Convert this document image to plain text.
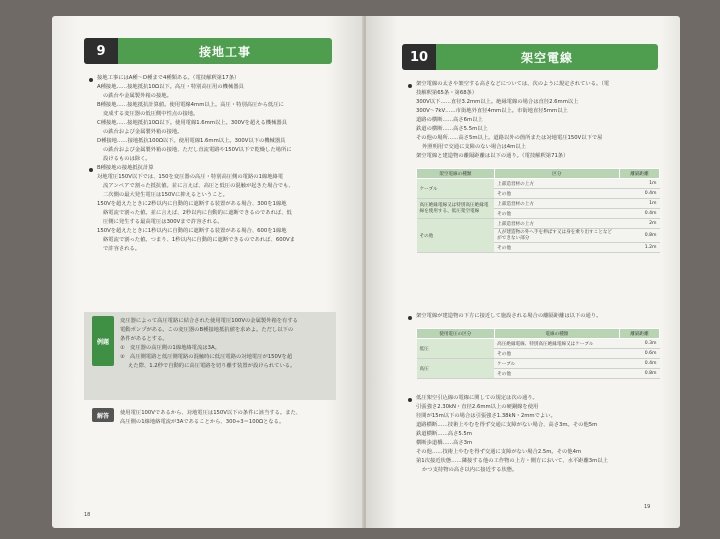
9	接地工事
接地工事にはA種〜D種まで4種類ある。（電技解釈第17条）
A種接地……接地抵抗10Ω以下。高圧・特別高圧用の機械器具
の鉄台や金属製外箱の接地。
B種接地……接地抵抗計算値。使用電線4mm以上。高圧・特別高圧から低圧に
変成する変圧器の低圧側中性点の接地。
C種接地……接地抵抗10Ω以下。使用電線1.6mm以上。300Vを超える機械器具
の鉄台および金属製外箱の接地。
D種接地……接地抵抗100Ω以下。使用電線1.6mm以上。300V以下の機械器具
の鉄台および金属製外箱の接地、ただし直流電路や150V以下で乾燥した場所に
設けるものは除く。
B種接地の接地抵抗計算
対地電圧150V以下では、150を変圧器の高圧・特別高圧側の電路の1線地絡電
流アンペアで割った抵抗値。並に言えば、高圧と低圧の混触が起きた場合でも、
二次側の最大発生電圧は150Vに抑えるということ。
150Vを超えたときに2秒以内に自動的に遮断する装置がある場合、300を1線地
絡電流で割った値。並に言えば、2秒以内に自動的に遮断できるのであれば、低
圧側に発生する最高電圧は300Vまで許容される。
150Vを超えたときに1秒以内に自動的に遮断する装置がある場合、600を1線地
絡電流で割った値。つまり、1秒以内に自動的に遮断できるのであれば、600Vま
で許容される。
例題
変圧器によって高圧電路に結合された使用電圧100Vの金属製外箱を有する
電動ポンプがある。この変圧器のB種接地抵抗値を求めよ。ただし以下の
条件があるとする。
①　変圧器の高圧側の1線地絡電流は3A。
②　高圧側電路と低圧側電路の混触時に低圧電路の対地電圧が150Vを超
えた際、1.2秒で自動的に高圧電路を切り離す装置が設けられている。
解答	使用電圧100Vであるから、対地電圧は150V以下の条件に該当する。また、
高圧側の1線地絡電流が3Aであることから、300÷3＝100Ωとなる。
18
10	架空電線
架空電線の太さや架空する高さなどについては、次のように規定されている。（電
技解釈第65条・第68条）
300V以下……直径3.2mm以上。絶縁電線の場合は直径2.6mm以上
300V〜7kV……市街地外直径4mm以上。市街地直径5mm以上
道路の横断……高さ6m以上
鉄道の横断……高さ5.5m以上
その他の場所……高さ5m以上。道路以外の箇所または対地電圧150V以下で屋
外照明用で交通に支障のない場合は4m以上
架空電線と建造物の離隔距離は以下の通り。（電技解釈第71条）
架空電線の種類	区分	離隔距離
ケーブル	上部造営材の上方	1m
	その他	0.4m
高圧絶縁電線又は特別高圧絶縁電線を使用する、低圧架空電線	上部造営材の上方	1m
	その他	0.4m
その他	上部造営材の上方	2m
	人が建造物の外へ手を伸ばす又は身を乗り出すことなどができない部分	0.8m
	その他	1.2m
架空電線が建造物の下方に接近して施設される場合の離隔距離は以下の通り。
使用電圧の区分	電線の種類	離隔距離
低圧	高圧絶縁電線、特別高圧絶縁電線又はケーブル	0.3m
	その他	0.6m
高圧	ケーブル	0.4m
	その他	0.8m
低圧架空引込線の電線に関しての規定は次の通り。
引張強さ2.30kN・直径2.6mm以上の硬銅線を使用
径間が15m以下の場合は引張強さ1.38kN・2mmでよい。
道路横断……技術上やむを得ず交通に支障がない場合、高さ3m。その他5m
鉄道横断……高さ5.5m
横断歩道橋……高さ3m
その他……技術上やむを得ず交通に支障がない場合2.5m。その他4m
第1次接近状態……隣接する他の工作物の上方・側方において、水平距離3m以上
かつ支持物の高さ以内に接近する状態。
19
